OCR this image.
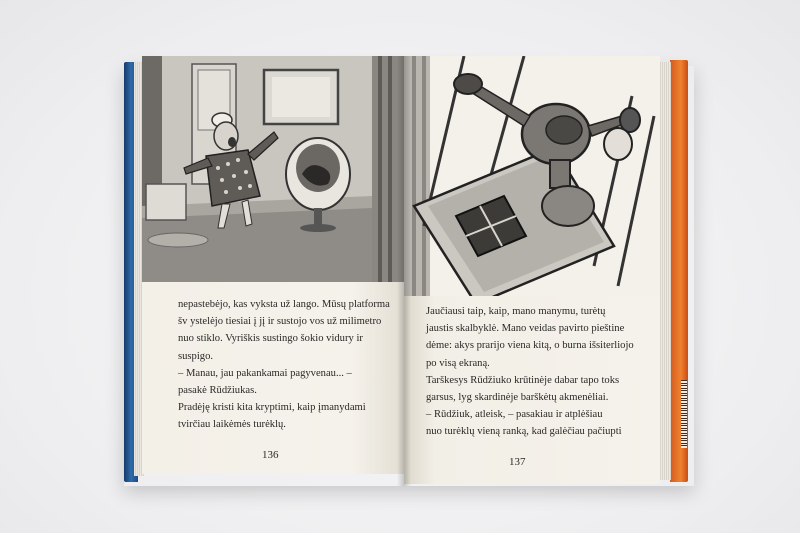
nepastebėjo, kas vyksta už lango. Mūsų platforma
šv ystelėjo tiesiai į jį ir sustojo vos už milimetro
nuo stiklo. Vyriškis sustingo šokio vidury ir
suspigo.
– Manau, jau pakankamai pagyvenau... –
pasakė Rūdžiukas.
Pradėję kristi kita kryptimi, kaip įmanydami
tvirčiau laikėmės turėklų.
136
Jaučiausi taip, kaip, mano manymu, turėtų
jaustis skalbyklė. Mano veidas pavirto pieštine
dėme: akys prarijo viena kitą, o burna išsiterliojo
po visą ekraną.
Tarškesys Rūdžiuko krūtinėje dabar tapo toks
garsus, lyg skardinėje barškėtų akmenėliai.
– Rūdžiuk, atleisk, – pasakiau ir atplėšiau
nuo turėklų vieną ranką, kad galėčiau pačiupti
137
